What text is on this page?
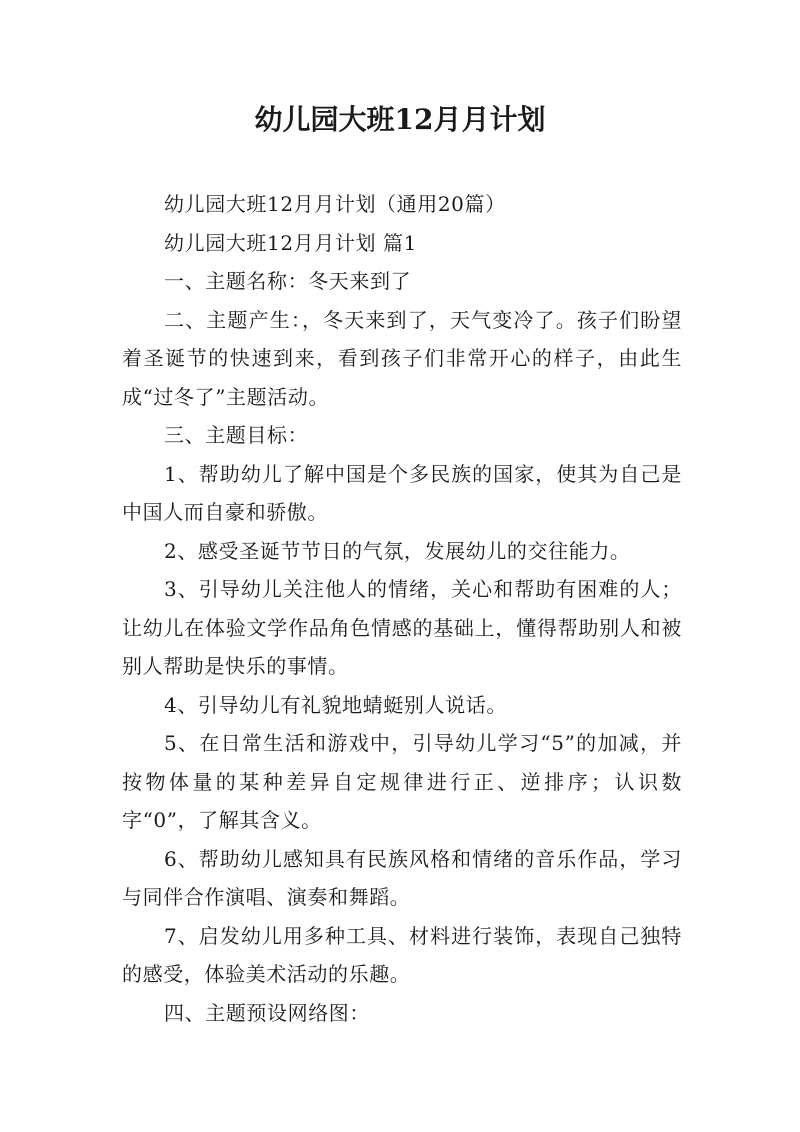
幼儿园大班12月月计划

幼儿园大班12月月计划（通用20篇）

幼儿园大班12月月计划 篇1

一、主题名称：冬天来到了

二、主题产生：，冬天来到了，天气变冷了。孩子们盼望着圣诞节的快速到来，看到孩子们非常开心的样子，由此生成“过冬了”主题活动。

三、主题目标：

1、帮助幼儿了解中国是个多民族的国家，使其为自己是中国人而自豪和骄傲。

2、感受圣诞节节日的气氛，发展幼儿的交往能力。

3、引导幼儿关注他人的情绪，关心和帮助有困难的人；让幼儿在体验文学作品角色情感的基础上，懂得帮助别人和被别人帮助是快乐的事情。

4、引导幼儿有礼貌地蜻蜓别人说话。

5、在日常生活和游戏中，引导幼儿学习“5”的加减，并按物体量的某种差异自定规律进行正、逆排序；认识数字“0”，了解其含义。

6、帮助幼儿感知具有民族风格和情绪的音乐作品，学习与同伴合作演唱、演奏和舞蹈。

7、启发幼儿用多种工具、材料进行装饰，表现自己独特的感受，体验美术活动的乐趣。

四、主题预设网络图：
